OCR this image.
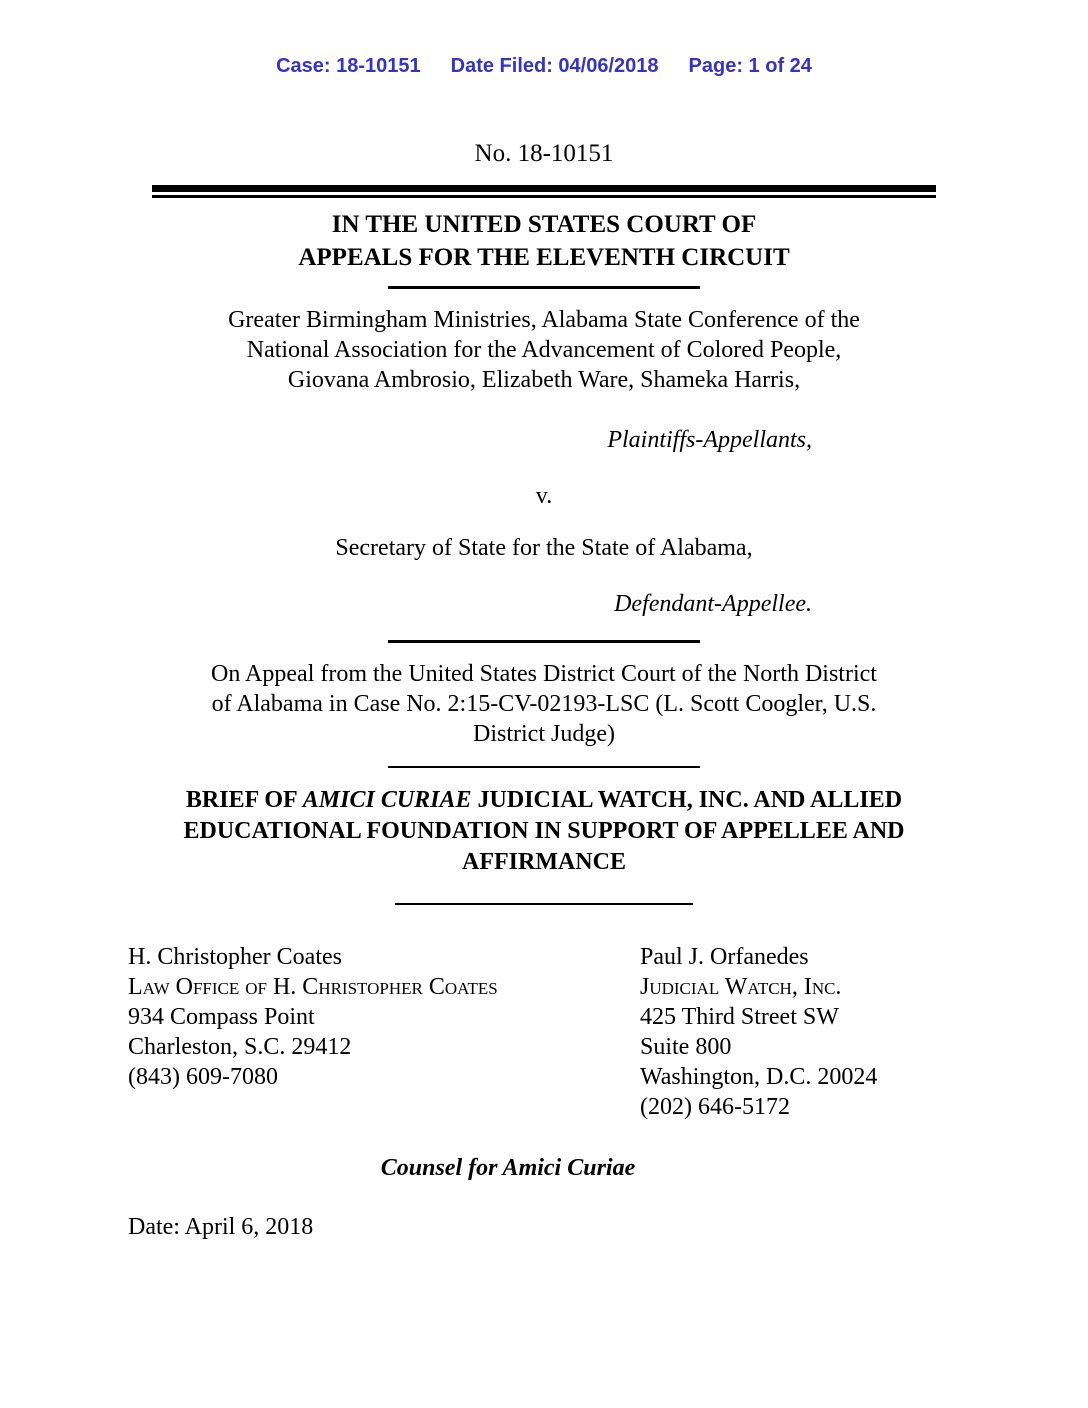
Case: 18-10151 Date Filed: 04/06/2018 Page: 1 of 24
No. 18-10151
IN THE UNITED STATES COURT OF
APPEALS FOR THE ELEVENTH CIRCUIT
Greater Birmingham Ministries, Alabama State Conference of the
National Association for the Advancement of Colored People,
Giovana Ambrosio, Elizabeth Ware, Shameka Harris,
Plaintiffs-Appellants,
v.
Secretary of State for the State of Alabama,
Defendant-Appellee.
On Appeal from the United States District Court of the North District
of Alabama in Case No. 2:15-CV-02193-LSC (L. Scott Coogler, U.S.
District Judge)
BRIEF OF AMICI CURIAE JUDICIAL WATCH, INC. AND ALLIED
EDUCATIONAL FOUNDATION IN SUPPORT OF APPELLEE AND
AFFIRMANCE
H. Christopher Coates
Law Office of H. Christopher Coates
934 Compass Point
Charleston, S.C. 29412
(843) 609-7080
Paul J. Orfanedes
Judicial Watch, Inc.
425 Third Street SW
Suite 800
Washington, D.C. 20024
(202) 646-5172
Counsel for Amici Curiae
Date: April 6, 2018
